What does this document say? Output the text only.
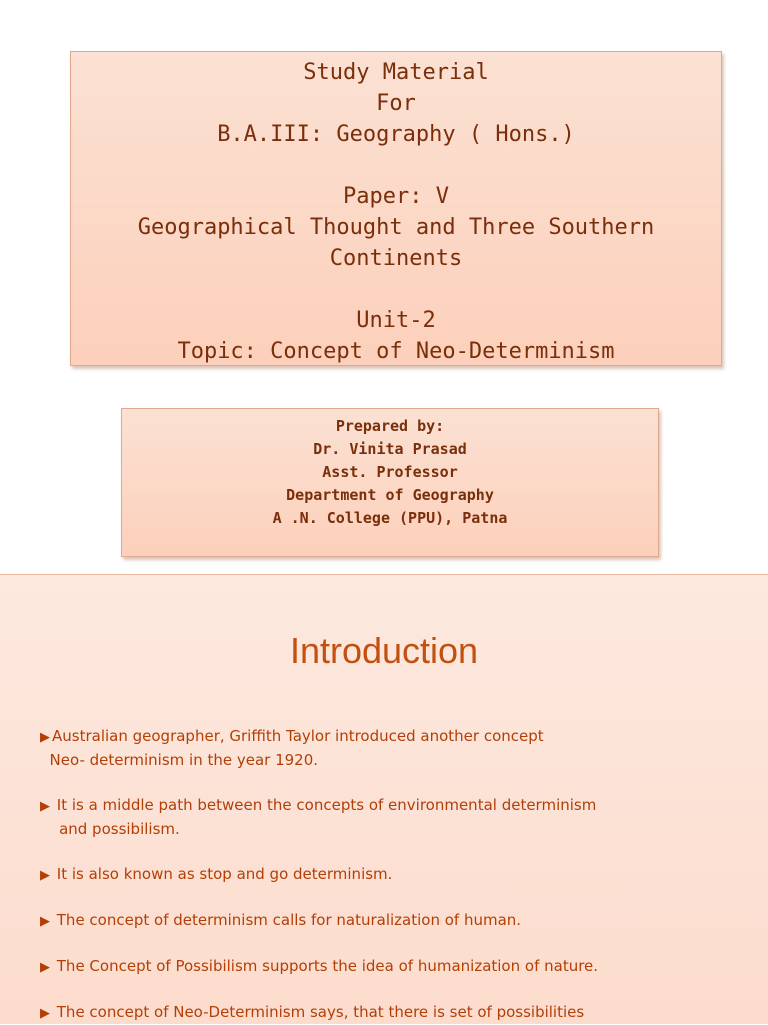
Study Material
For
B.A.III: Geography ( Hons.)
Paper: V
Geographical Thought and Three Southern
Continents
Unit-2
Topic: Concept of Neo-Determinism
Prepared by:
Dr. Vinita Prasad
Asst. Professor
Department of Geography
A .N. College (PPU), Patna
Introduction
▶ Australian geographer, Griffith Taylor introduced another concept
Neo- determinism in the year 1920.
▶ It is a middle path between the concepts of environmental determinism
and possibilism.
▶ It is also known as stop and go determinism.
▶ The concept of determinism calls for naturalization of human.
▶ The Concept of Possibilism supports the idea of humanization of nature.
▶ The concept of Neo-Determinism says, that there is set of possibilities
